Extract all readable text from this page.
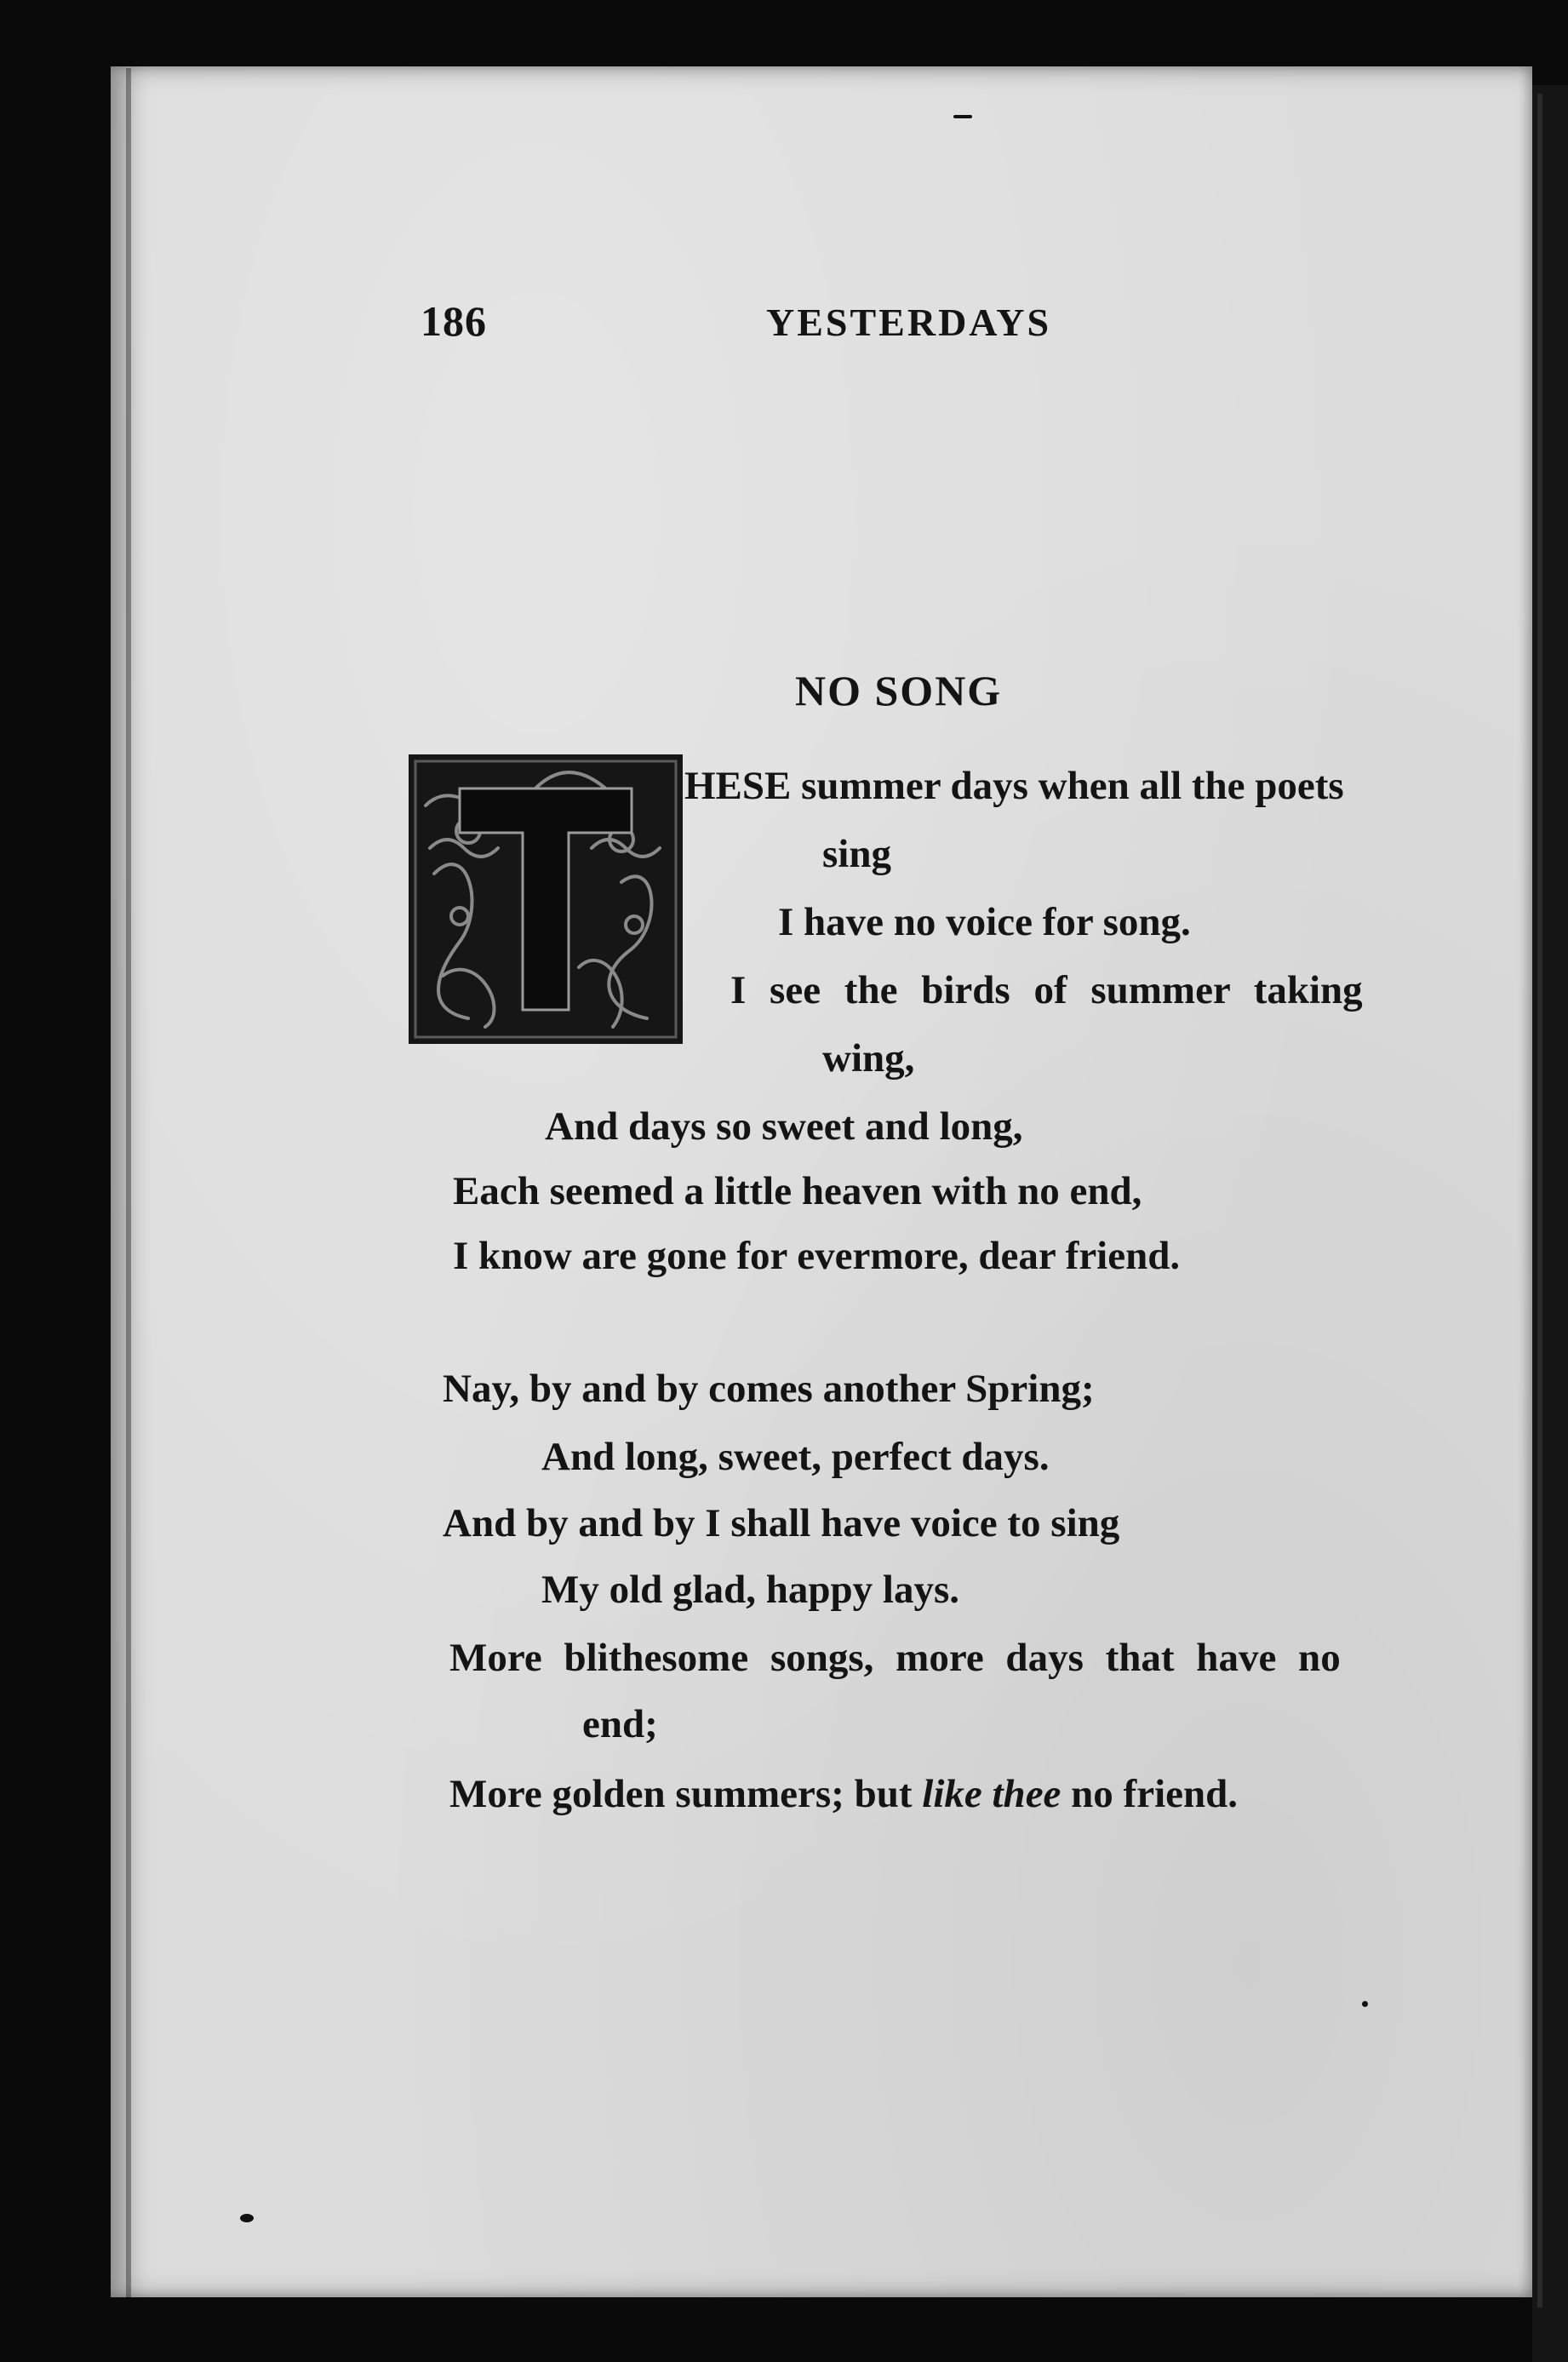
186	YESTERDAYS
NO SONG
HESE summer days when all the poets
sing
I have no voice for song.
I see the birds of summer taking
wing,
And days so sweet and long,
Each seemed a little heaven with no end,
I know are gone for evermore, dear friend.
Nay, by and by comes another Spring;
And long, sweet, perfect days.
And by and by I shall have voice to sing
My old glad, happy lays.
More blithesome songs, more days that have no
end;
More golden summers; but like thee no friend.
